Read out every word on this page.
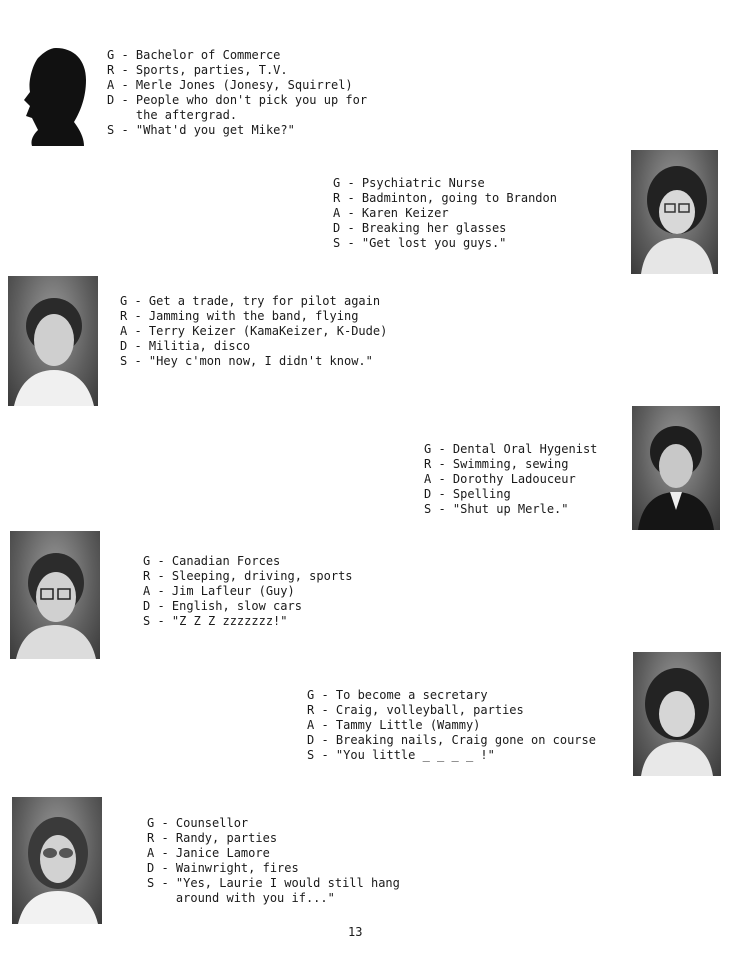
G - Bachelor of Commerce
R - Sports, parties, T.V.
A - Merle Jones (Jonesy, Squirrel)
D - People who don't pick you up for
the aftergrad.
S - "What'd you get Mike?"
G - Psychiatric Nurse
R - Badminton, going to Brandon
A - Karen Keizer
D - Breaking her glasses
S - "Get lost you guys."
G - Get a trade, try for pilot again
R - Jamming with the band, flying
A - Terry Keizer (KamaKeizer, K-Dude)
D - Militia, disco
S - "Hey c'mon now, I didn't know."
G - Dental Oral Hygenist
R - Swimming, sewing
A - Dorothy Ladouceur
D - Spelling
S - "Shut up Merle."
G - Canadian Forces
R - Sleeping, driving, sports
A - Jim Lafleur (Guy)
D - English, slow cars
S - "Z Z Z zzzzzzz!"
G - To become a secretary
R - Craig, volleyball, parties
A - Tammy Little (Wammy)
D - Breaking nails, Craig gone on course
S - "You little _ _ _ _ !"
G - Counsellor
R - Randy, parties
A - Janice Lamore
D - Wainwright, fires
S - "Yes, Laurie I would still hang
around with you if..."
13
